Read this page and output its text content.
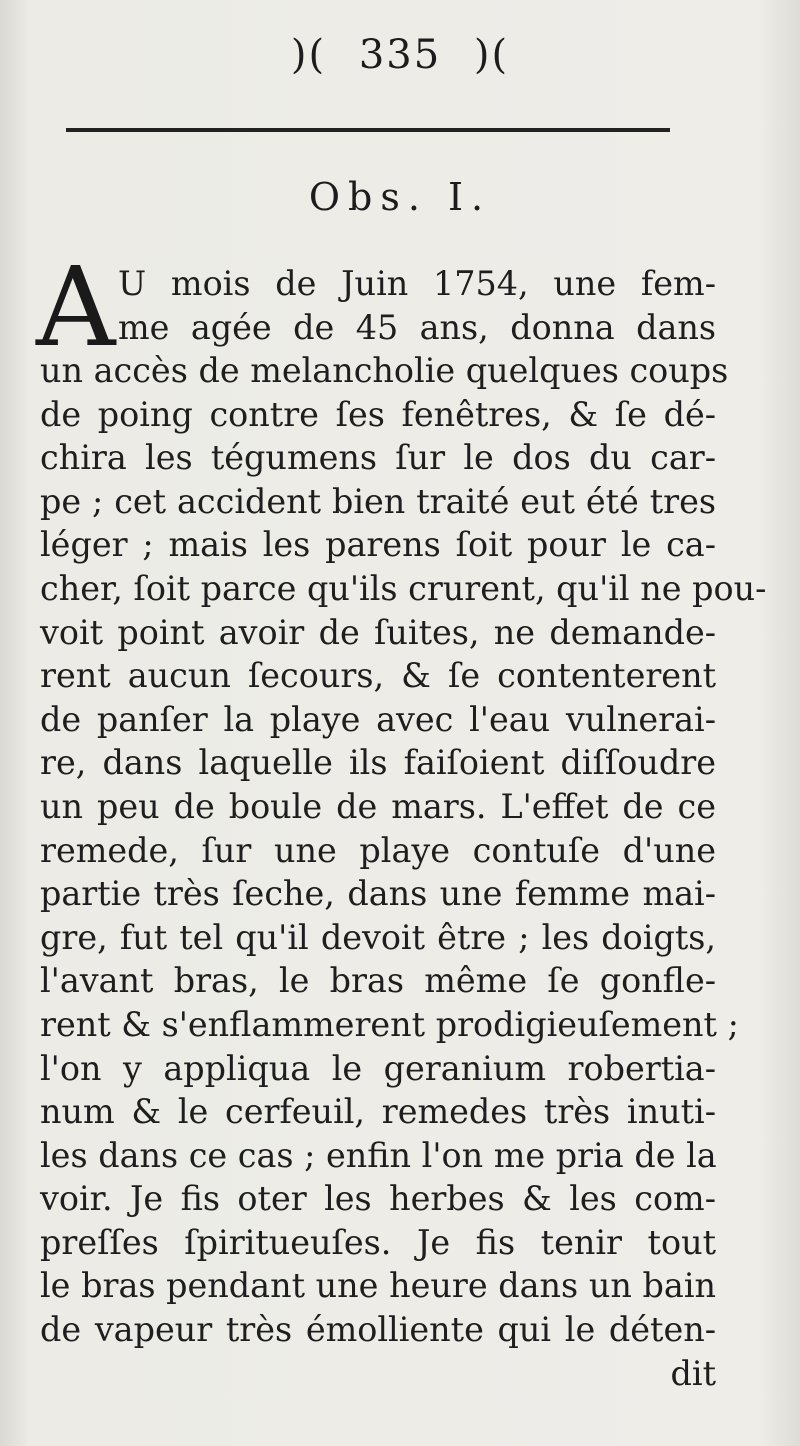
)( 335 )(
Obs. I.
A U mois de Juin 1754, une fem-
me agée de 45 ans, donna dans
un accès de melancholie quelques coups
de poing contre ſes fenêtres, & ſe dé-
chira les tégumens ſur le dos du car-
pe ; cet accident bien traité eut été tres
léger ; mais les parens ſoit pour le ca-
cher, ſoit parce qu'ils crurent, qu'il ne pou-
voit point avoir de ſuites, ne demande-
rent aucun ſecours, & ſe contenterent
de panſer la playe avec l'eau vulnerai-
re, dans laquelle ils faiſoient diſſoudre
un peu de boule de mars. L'effet de ce
remede, ſur une playe contuſe d'une
partie très ſeche, dans une femme mai-
gre, fut tel qu'il devoit être ; les doigts,
l'avant bras, le bras même ſe gonfle-
rent & s'enflammerent prodigieuſement ;
l'on y appliqua le geranium robertia-
num & le cerfeuil, remedes très inuti-
les dans ce cas ; enfin l'on me pria de la
voir. Je fis oter les herbes & les com-
preſſes ſpiritueuſes. Je fis tenir tout
le bras pendant une heure dans un bain
de vapeur très émolliente qui le déten-
dit
